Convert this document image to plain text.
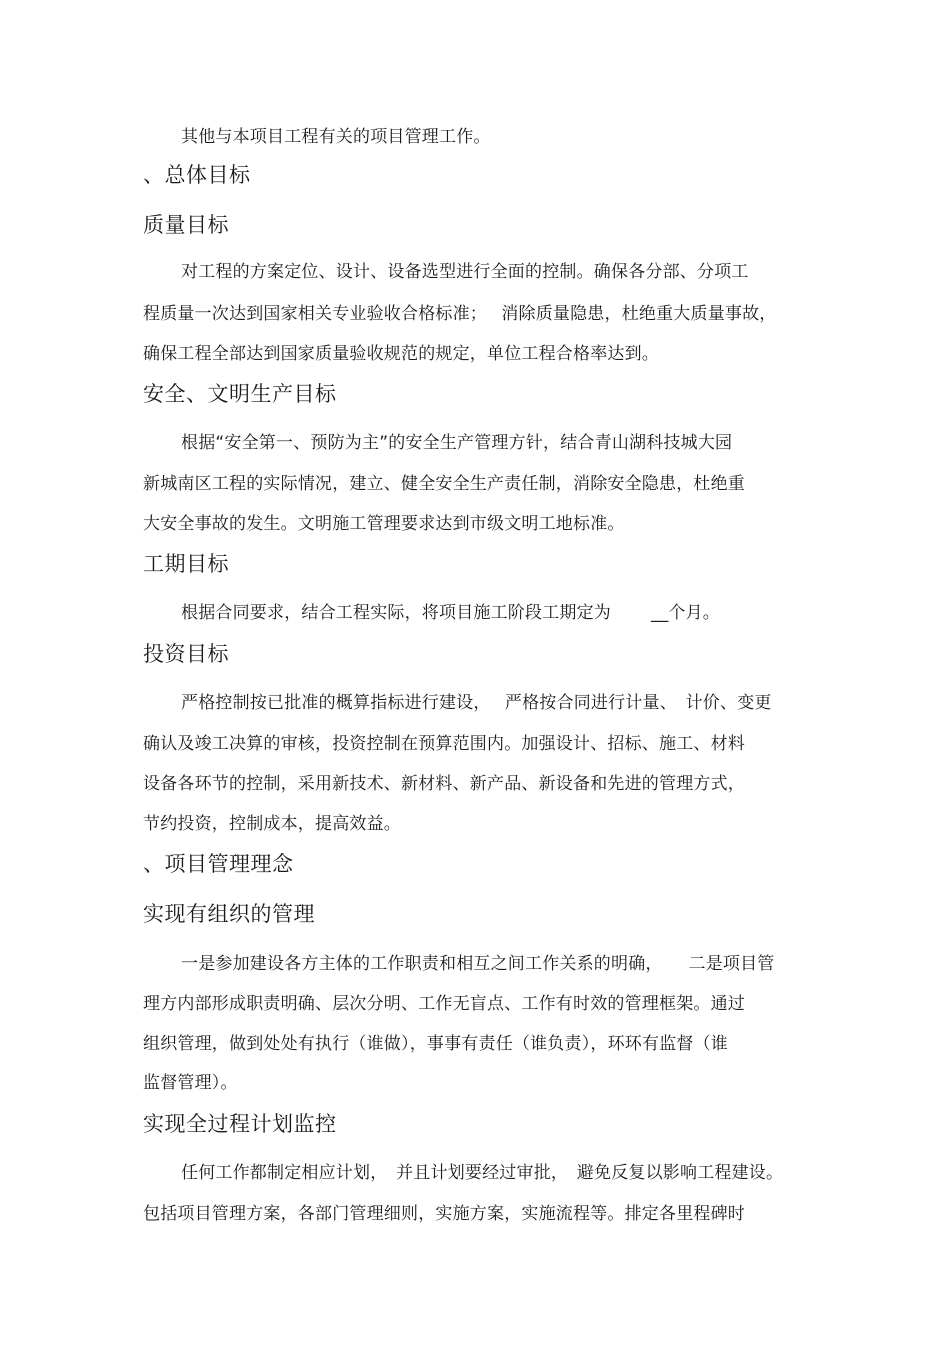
其他与本项目工程有关的项目管理工作。
、总体目标
质量目标
对工程的方案定位、设计、设备选型进行全面的控制。确保各分部、分项工
程质量一次达到国家相关专业验收合格标准；　 消除质量隐患，杜绝重大质量事故，
确保工程全部达到国家质量验收规范的规定，单位工程合格率达到。
安全、文明生产目标
根据“安全第一、预防为主”的安全生产管理方针，结合青山湖科技城大园
新城南区工程的实际情况，建立、健全安全生产责任制，消除安全隐患，杜绝重
大安全事故的发生。文明施工管理要求达到市级文明工地标准。
工期目标
根据合同要求，结合工程实际，将项目施工阶段工期定为　　 __个月。
投资目标
严格控制按已批准的概算指标进行建设，　 严格按合同进行计量、　计价、变更
确认及竣工决算的审核，投资控制在预算范围内。加强设计、招标、施工、材料
设备各环节的控制，采用新技术、新材料、新产品、新设备和先进的管理方式，
节约投资，控制成本，提高效益。
、项目管理理念
实现有组织的管理
一是参加建设各方主体的工作职责和相互之间工作关系的明确，　　二是项目管
理方内部形成职责明确、层次分明、工作无盲点、工作有时效的管理框架。通过
组织管理，做到处处有执行（谁做），事事有责任（谁负责），环环有监督（谁
监督管理）。
实现全过程计划监控
任何工作都制定相应计划，　并且计划要经过审批，　避免反复以影响工程建设。
包括项目管理方案，各部门管理细则，实施方案，实施流程等。排定各里程碑时
